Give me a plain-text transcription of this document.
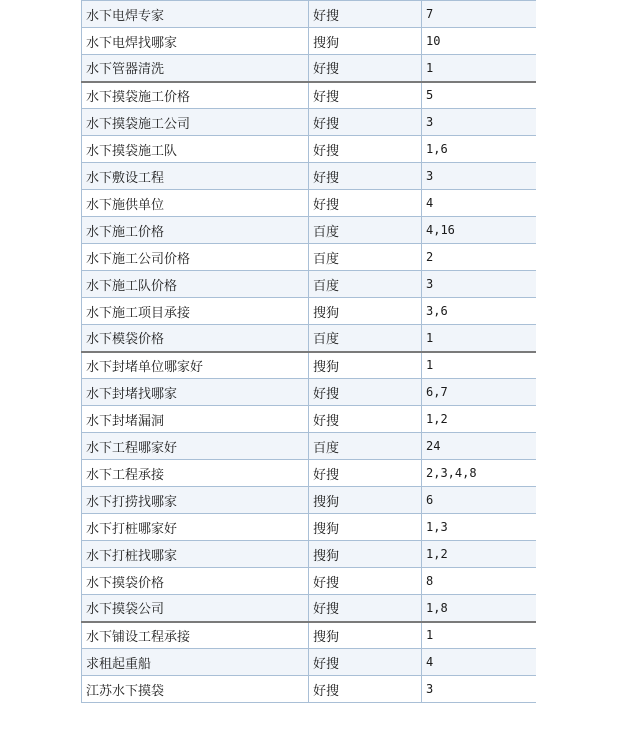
水下电焊专家	好搜	7
水下电焊找哪家	搜狗	10
水下管器清洗	好搜	1
水下摸袋施工价格	好搜	5
水下摸袋施工公司	好搜	3
水下摸袋施工队	好搜	1,6
水下敷设工程	好搜	3
水下施供单位	好搜	4
水下施工价格	百度	4,16
水下施工公司价格	百度	2
水下施工队价格	百度	3
水下施工项目承接	搜狗	3,6
水下模袋价格	百度	1
水下封堵单位哪家好	搜狗	1
水下封堵找哪家	好搜	6,7
水下封堵漏洞	好搜	1,2
水下工程哪家好	百度	24
水下工程承接	好搜	2,3,4,8
水下打捞找哪家	搜狗	6
水下打桩哪家好	搜狗	1,3
水下打桩找哪家	搜狗	1,2
水下摸袋价格	好搜	8
水下摸袋公司	好搜	1,8
水下铺设工程承接	搜狗	1
求租起重船	好搜	4
江苏水下摸袋	好搜	3
